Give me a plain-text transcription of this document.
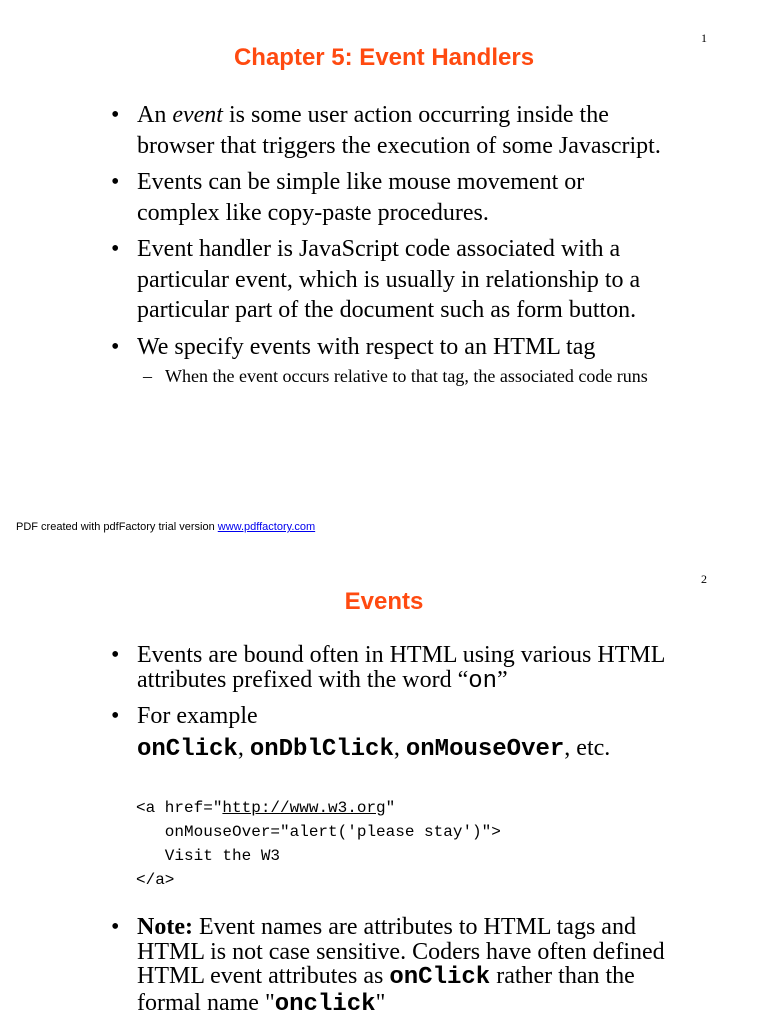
1
Chapter 5: Event Handlers
• An event is some user action occurring inside the browser that triggers the execution of some Javascript.
• Events can be simple like mouse movement or complex like copy-paste procedures.
• Event handler is JavaScript code associated with a particular event, which is usually in relationship to a particular part of the document such as form button.
• We specify events with respect to an HTML tag
– When the event occurs relative to that tag, the associated code runs
PDF created with pdfFactory trial version www.pdffactory.com
2
Events
• Events are bound often in HTML using various HTML attributes prefixed with the word “on”
• For example
onClick, onDblClick, onMouseOver, etc.
<a href="http://www.w3.org"
onMouseOver="alert('please stay')">
Visit the W3
</a>
• Note: Event names are attributes to HTML tags and HTML is not case sensitive. Coders have often defined HTML event attributes as onClick rather than the formal name "onclick"
